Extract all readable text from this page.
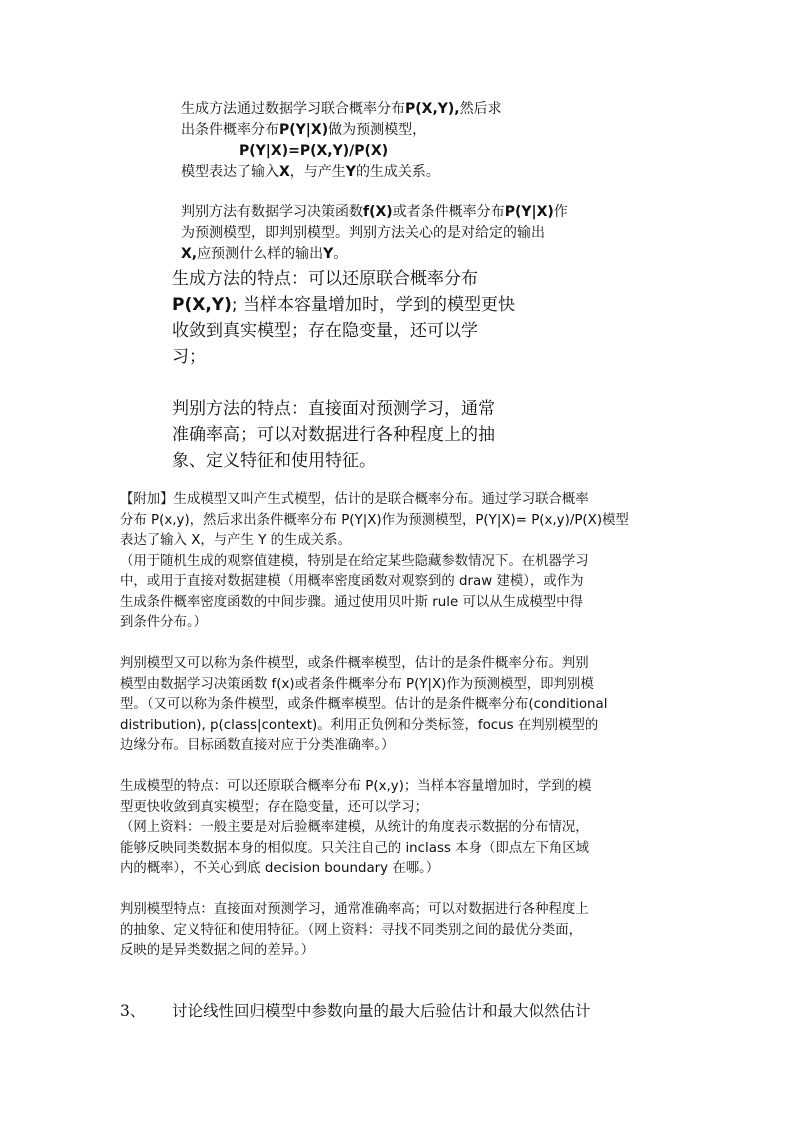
生成方法通过数据学习联合概率分布P(X,Y),然后求

出条件概率分布P(Y|X)做为预测模型，

P(Y|X)=P(X,Y)/P(X)

模型表达了输入X，与产生Y的生成关系。

判别方法有数据学习决策函数f(X)或者条件概率分布P(Y|X)作

为预测模型，即判别模型。判别方法关心的是对给定的输出

X,应预测什么样的输出Y。

生成方法的特点：可以还原联合概率分布

P(X,Y); 当样本容量增加时，学到的模型更快

收敛到真实模型；存在隐变量，还可以学

习；

判别方法的特点：直接面对预测学习，通常

准确率高；可以对数据进行各种程度上的抽

象、定义特征和使用特征。

【附加】生成模型又叫产生式模型，估计的是联合概率分布。通过学习联合概率

分布 P(x,y)，然后求出条件概率分布 P(Y|X)作为预测模型，P(Y|X)= P(x,y)/P(X)模型

表达了输入 X，与产生 Y 的生成关系。

（用于随机生成的观察值建模，特别是在给定某些隐藏参数情况下。在机器学习

中，或用于直接对数据建模（用概率密度函数对观察到的 draw 建模），或作为

生成条件概率密度函数的中间步骤。通过使用贝叶斯 rule 可以从生成模型中得

到条件分布。）

判别模型又可以称为条件模型，或条件概率模型，估计的是条件概率分布。判别

模型由数据学习决策函数 f(x)或者条件概率分布 P(Y|X)作为预测模型，即判别模

型。（又可以称为条件模型，或条件概率模型。估计的是条件概率分布(conditional

distribution), p(class|context)。利用正负例和分类标签，focus 在判别模型的

边缘分布。目标函数直接对应于分类准确率。）

生成模型的特点：可以还原联合概率分布 P(x,y)；当样本容量增加时，学到的模

型更快收敛到真实模型；存在隐变量，还可以学习；

（网上资料：一般主要是对后验概率建模，从统计的角度表示数据的分布情况，

能够反映同类数据本身的相似度。只关注自己的 inclass 本身（即点左下角区域

内的概率），不关心到底 decision boundary 在哪。）

判别模型特点：直接面对预测学习，通常准确率高；可以对数据进行各种程度上

的抽象、定义特征和使用特征。（网上资料：寻找不同类别之间的最优分类面，

反映的是异类数据之间的差异。）

3、 讨论线性回归模型中参数向量的最大后验估计和最大似然估计
